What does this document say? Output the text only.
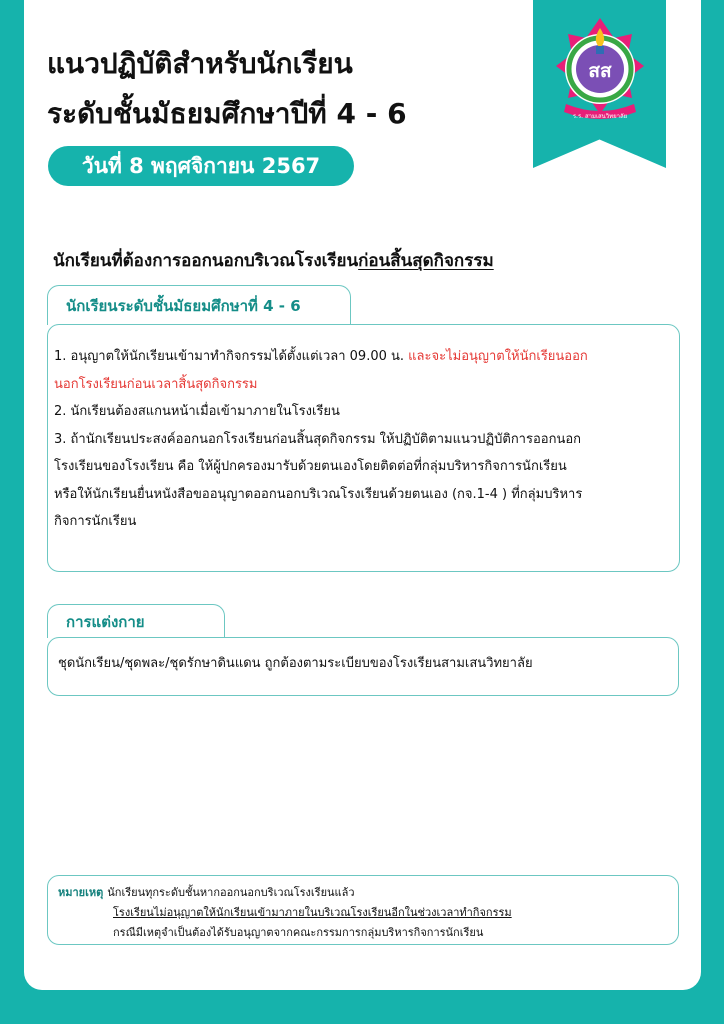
สส
ร.ร. สามเสนวิทยาลัย
แนวปฏิบัติสำหรับนักเรียน
ระดับชั้นมัธยมศึกษาปีที่ 4 - 6
วันที่ 8 พฤศจิกายน 2567

นักเรียนที่ต้องการออกนอกบริเวณโรงเรียนก่อนสิ้นสุดกิจกรรม

นักเรียนระดับชั้นมัธยมศึกษาที่ 4 - 6

1. อนุญาตให้นักเรียนเข้ามาทำกิจกรรมได้ตั้งแต่เวลา 09.00 น. และจะไม่อนุญาตให้นักเรียนออก

นอกโรงเรียนก่อนเวลาสิ้นสุดกิจกรรม

2. นักเรียนต้องสแกนหน้าเมื่อเข้ามาภายในโรงเรียน

3. ถ้านักเรียนประสงค์ออกนอกโรงเรียนก่อนสิ้นสุดกิจกรรม ให้ปฏิบัติตามแนวปฏิบัติการออกนอก

โรงเรียนของโรงเรียน คือ ให้ผู้ปกครองมารับด้วยตนเองโดยติดต่อที่กลุ่มบริหารกิจการนักเรียน

หรือให้นักเรียนยื่นหนังสือขออนุญาตออกนอกบริเวณโรงเรียนด้วยตนเอง (กจ.1-4 ) ที่กลุ่มบริหาร

กิจการนักเรียน

การแต่งกาย
ชุดนักเรียน/ชุดพละ/ชุดรักษาดินแดน ถูกต้องตามระเบียบของโรงเรียนสามเสนวิทยาลัย

หมายเหตุ นักเรียนทุกระดับชั้นหากออกนอกบริเวณโรงเรียนแล้ว

โรงเรียนไม่อนุญาตให้นักเรียนเข้ามาภายในบริเวณโรงเรียนอีกในช่วงเวลาทำกิจกรรม

กรณีมีเหตุจำเป็นต้องได้รับอนุญาตจากคณะกรรมการกลุ่มบริหารกิจการนักเรียน
